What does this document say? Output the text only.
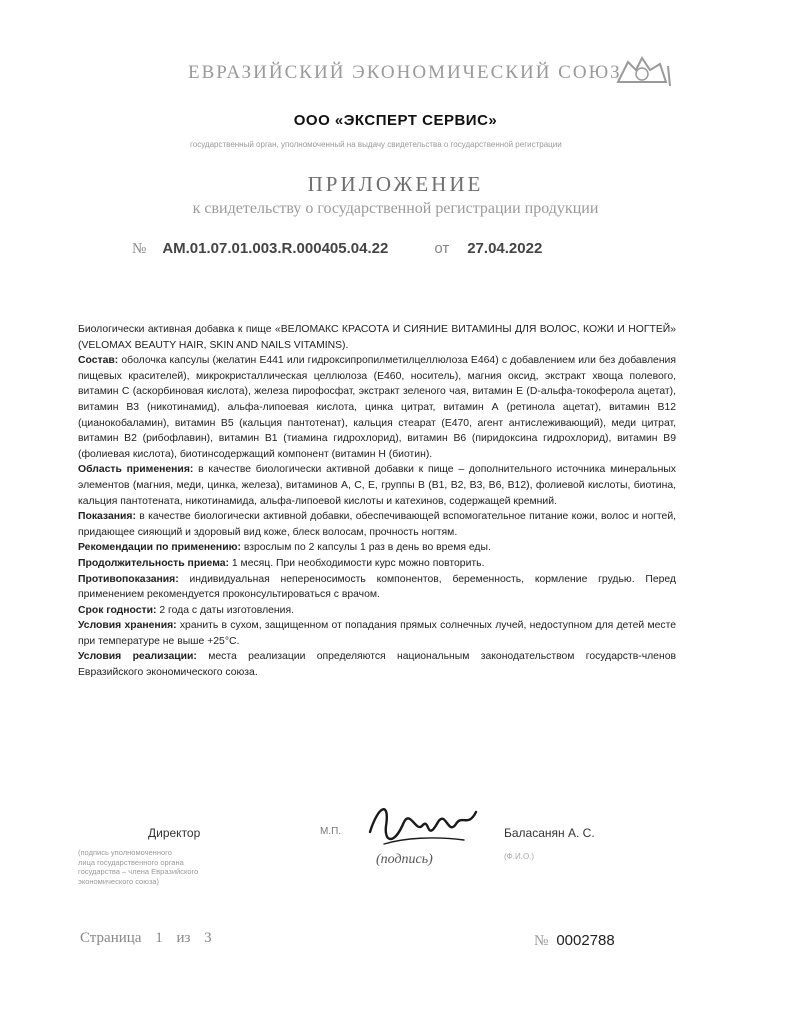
ЕВРАЗИЙСКИЙ ЭКОНОМИЧЕСКИЙ СОЮЗ
ООО «ЭКСПЕРТ СЕРВИС»
государственный орган, уполномоченный на выдачу свидетельства о государственной регистрации
ПРИЛОЖЕНИЕ
к свидетельству о государственной регистрации продукции
№ AM.01.07.01.003.R.000405.04.22	от 27.04.2022

Биологически активная добавка к пище «ВЕЛОМАКС КРАСОТА И СИЯНИЕ ВИТАМИНЫ ДЛЯ ВОЛОС, КОЖИ И НОГТЕЙ» (VELOMAX BEAUTY HAIR, SKIN AND NAILS VITAMINS).

Состав: оболочка капсулы (желатин E441 или гидроксипропилметилцеллюлоза E464) с добавлением или без добавления пищевых красителей), микрокристаллическая целлюлоза (E460, носитель), магния оксид, экстракт хвоща полевого, витамин С (аскорбиновая кислота), железа пирофосфат, экстракт зеленого чая, витамин E (D-альфа-токоферола ацетат), витамин B3 (никотинамид), альфа-липоевая кислота, цинка цитрат, витамин А (ретинола ацетат), витамин B12 (цианокобаламин), витамин B5 (кальция пантотенат), кальция стеарат (E470, агент антислеживающий), меди цитрат, витамин B2 (рибофлавин), витамин B1 (тиамина гидрохлорид), витамин B6 (пиридоксина гидрохлорид), витамин B9 (фолиевая кислота), биотинсодержащий компонент (витамин Н (биотин).

Область применения: в качестве биологически активной добавки к пище – дополнительного источника минеральных элементов (магния, меди, цинка, железа), витаминов А, С, Е, группы В (B1, B2, B3, B6, B12), фолиевой кислоты, биотина, кальция пантотената, никотинамида, альфа-липоевой кислоты и катехинов, содержащей кремний.

Показания: в качестве биологически активной добавки, обеспечивающей вспомогательное питание кожи, волос и ногтей, придающее сияющий и здоровый вид коже, блеск волосам, прочность ногтям.

Рекомендации по применению: взрослым по 2 капсулы 1 раз в день во время еды.

Продолжительность приема: 1 месяц. При необходимости курс можно повторить.

Противопоказания: индивидуальная непереносимость компонентов, беременность, кормление грудью. Перед применением рекомендуется проконсультироваться с врачом.

Срок годности: 2 года с даты изготовления.

Условия хранения: хранить в сухом, защищенном от попадания прямых солнечных лучей, недоступном для детей месте при температуре не выше +25°С.

Условия реализации: места реализации определяются национальным законодательством государств-членов Евразийского экономического союза.

Директор	М.П.	Баласанян А. С.
(подпись уполномоченного
лица государственного органа
государства – члена Евразийского
экономического союза)
(подпись)	(Ф.И.О.)
Страница 1 из 3	№ 0002788
